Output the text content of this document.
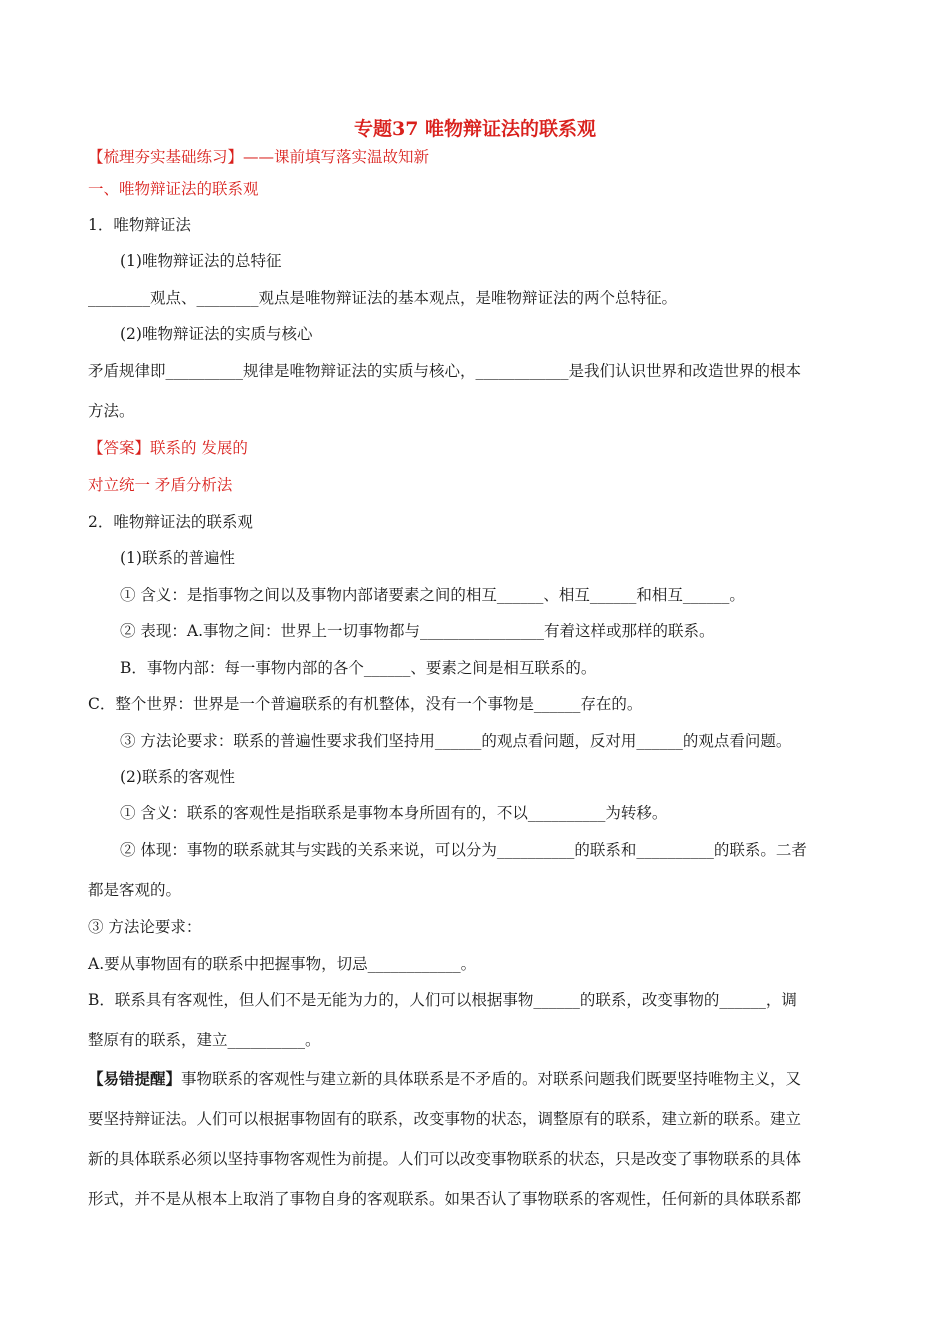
专题37 唯物辩证法的联系观
【梳理夯实基础练习】——课前填写落实温故知新
一、唯物辩证法的联系观
1．唯物辩证法
(1)唯物辩证法的总特征
________观点、________观点是唯物辩证法的基本观点，是唯物辩证法的两个总特征。
(2)唯物辩证法的实质与核心
矛盾规律即__________规律是唯物辩证法的实质与核心，____________是我们认识世界和改造世界的根本
方法。
【答案】联系的 发展的
对立统一 矛盾分析法
2．唯物辩证法的联系观
(1)联系的普遍性
① 含义：是指事物之间以及事物内部诸要素之间的相互______、相互______和相互______。
② 表现：A.事物之间：世界上一切事物都与________________有着这样或那样的联系。
B．事物内部：每一事物内部的各个______、要素之间是相互联系的。
C．整个世界：世界是一个普遍联系的有机整体，没有一个事物是______存在的。
③ 方法论要求：联系的普遍性要求我们坚持用______的观点看问题，反对用______的观点看问题。
(2)联系的客观性
① 含义：联系的客观性是指联系是事物本身所固有的，不以__________为转移。
② 体现：事物的联系就其与实践的关系来说，可以分为__________的联系和__________的联系。二者
都是客观的。
③ 方法论要求：
A.要从事物固有的联系中把握事物，切忌____________。
B．联系具有客观性，但人们不是无能为力的，人们可以根据事物______的联系，改变事物的______，调
整原有的联系，建立__________。
【易错提醒】事物联系的客观性与建立新的具体联系是不矛盾的。对联系问题我们既要坚持唯物主义，又
要坚持辩证法。人们可以根据事物固有的联系，改变事物的状态，调整原有的联系，建立新的联系。建立
新的具体联系必须以坚持事物客观性为前提。人们可以改变事物联系的状态，只是改变了事物联系的具体
形式，并不是从根本上取消了事物自身的客观联系。如果否认了事物联系的客观性，任何新的具体联系都
